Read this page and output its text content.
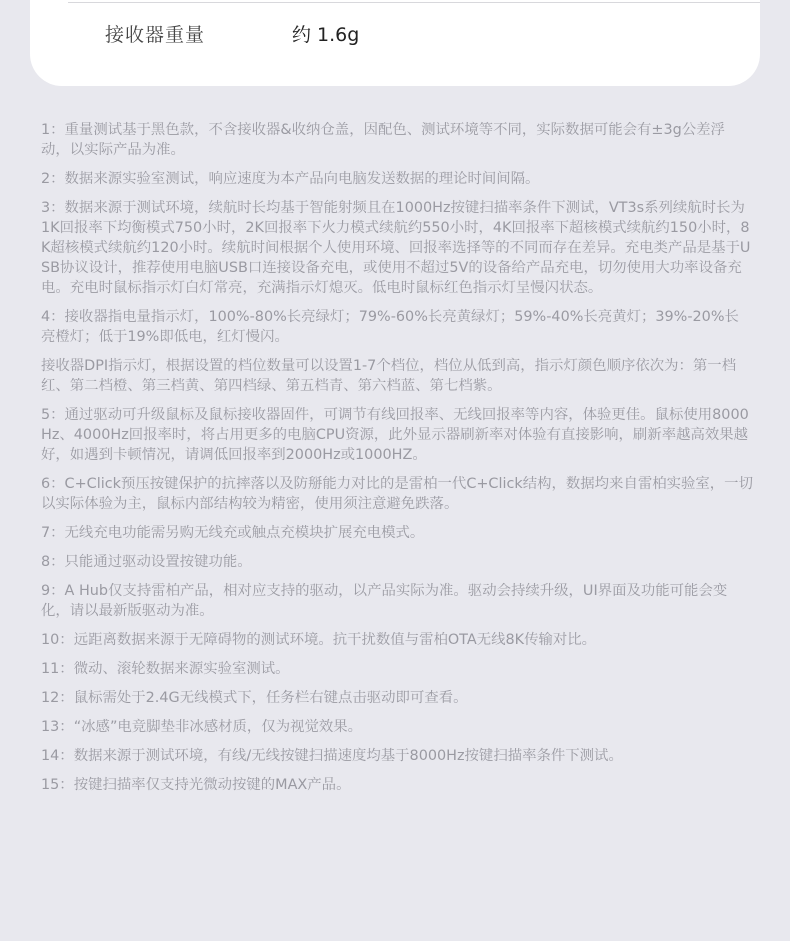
接收器重量	约 1.6g

1：重量测试基于黑色款，不含接收器&收纳仓盖，因配色、测试环境等不同，实际数据可能会有±3g公差浮动，以实际产品为准。

2：数据来源实验室测试，响应速度为本产品向电脑发送数据的理论时间间隔。

3：数据来源于测试环境，续航时长均基于智能射频且在1000Hz按键扫描率条件下测试，VT3s系列续航时长为1K回报率下均衡模式750小时，2K回报率下火力模式续航约550小时，4K回报率下超核模式续航约150小时，8K超核模式续航约120小时。续航时间根据个人使用环境、回报率选择等的不同而存在差异。充电类产品是基于USB协议设计，推荐使用电脑USB口连接设备充电，或使用不超过5V的设备给产品充电，切勿使用大功率设备充电。充电时鼠标指示灯白灯常亮，充满指示灯熄灭。低电时鼠标红色指示灯呈慢闪状态。

4：接收器指电量指示灯，100%-80%长亮绿灯；79%-60%长亮黄绿灯；59%-40%长亮黄灯；39%-20%长亮橙灯；低于19%即低电，红灯慢闪。

接收器DPI指示灯，根据设置的档位数量可以设置1-7个档位，档位从低到高，指示灯颜色顺序依次为：第一档红、第二档橙、第三档黄、第四档绿、第五档青、第六档蓝、第七档紫。

5：通过驱动可升级鼠标及鼠标接收器固件，可调节有线回报率、无线回报率等内容，体验更佳。鼠标使用8000Hz、4000Hz回报率时，将占用更多的电脑CPU资源，此外显示器刷新率对体验有直接影响，刷新率越高效果越好，如遇到卡顿情况，请调低回报率到2000Hz或1000HZ。

6：C+Click预压按键保护的抗摔落以及防掰能力对比的是雷柏一代C+Click结构，数据均来自雷柏实验室，一切以实际体验为主，鼠标内部结构较为精密，使用须注意避免跌落。

7：无线充电功能需另购无线充或触点充模块扩展充电模式。

8：只能通过驱动设置按键功能。

9：A Hub仅支持雷柏产品，相对应支持的驱动，以产品实际为准。驱动会持续升级，UI界面及功能可能会变化，请以最新版驱动为准。

10：远距离数据来源于无障碍物的测试环境。抗干扰数值与雷柏OTA无线8K传输对比。

11：微动、滚轮数据来源实验室测试。

12：鼠标需处于2.4G无线模式下，任务栏右键点击驱动即可查看。

13：“冰感”电竞脚垫非冰感材质，仅为视觉效果。

14：数据来源于测试环境，有线/无线按键扫描速度均基于8000Hz按键扫描率条件下测试。

15：按键扫描率仅支持光微动按键的MAX产品。
